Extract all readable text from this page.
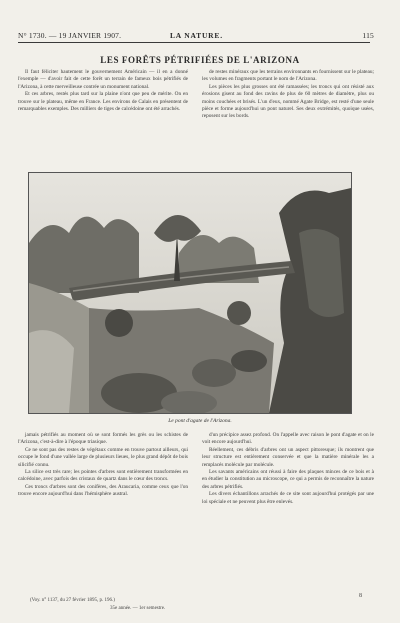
N° 1730. — 19 JANVIER 1907.	LA NATURE.	115
LES FORÊTS PÉTRIFIÉES DE L'ARIZONA

Il faut féliciter hautement le gouvernement Américain — il en a donné l'exemple — d'avoir fait de cette forêt un terrain de fameux bois pétrifiés de l'Arizona, à cette merveilleuse contrée un monument national.

Et ces arbres, restés plus tard sur la plaine n'ont que peu de mérite. On en trouve sur le plateau, même en France. Les environs de Calais en présentent de remarquables exemples. Des milliers de tiges de calcédoine ont été arrachés.

de restes minéraux que les terrains environnants en fournissent sur le plateau; les volumes en fragments portant le nom de l'Arizona.

Les pièces les plus grosses ont été ramassées; les troncs qui ont résisté aux érosions gisent au fond des ravins de plus de 60 mètres de diamètre, plus ou moins couchées et brisés. L'un d'eux, nommé Agate Bridge, est resté d'une seule pièce et forme aujourd'hui un pont naturel. Ses deux extrémités, quoique usées, reposent sur les bords.

Le pont d'agate de l'Arizona.

jamais pétrifiés au moment où se sont formés les grès ou les schistes de l'Arizona, c'est-à-dire à l'époque triasique.

Ce ne sont pas des restes de végétaux comme en trouve partout ailleurs, qui occupe le fond d'une vallée large de plusieurs lieues, le plus grand dépôt de bois silicifié connu.

La silice est très rare; les pointes d'arbres sont entièrement transformées en calcédoine, avec parfois des cristaux de quartz dans le cœur des troncs.

Ces troncs d'arbres sont des conifères, des Araucaria, comme ceux que l'on trouve encore aujourd'hui dans l'hémisphère austral.

d'un précipice assez profond. On l'appelle avec raison le pont d'agate et on le voit encore aujourd'hui.

Réellement, ces débris d'arbres ont un aspect pittoresque; ils montrent que leur structure est entièrement conservée et que la matière minérale les a remplacés molécule par molécule.

Les savants américains ont réussi à faire des plaques minces de ce bois et à en étudier la constitution au microscope, ce qui a permis de reconnaître la nature des arbres pétrifiés.

Les divers échantillons arrachés de ce site sont aujourd'hui protégés par une loi spéciale et ne peuvent plus être enlevés.

(Voy. n° 1137, du 27 février 1895, p. 196.)
35e année. — 1er semestre.
8
